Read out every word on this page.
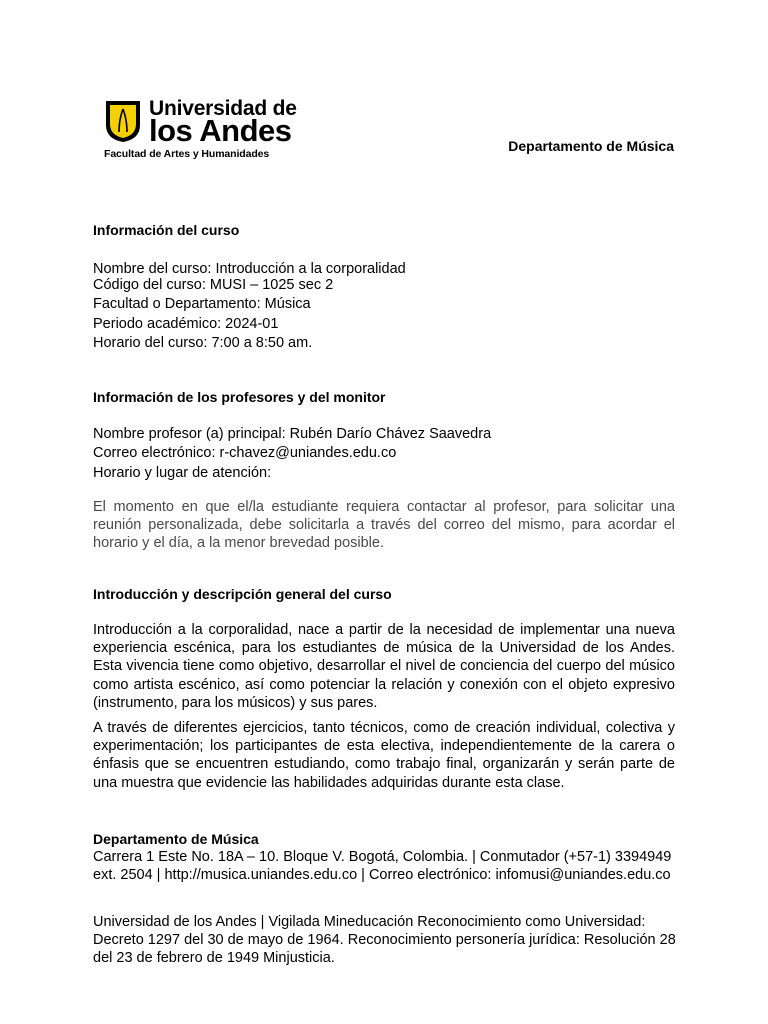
Universidad de
los Andes
Facultad de Artes y Humanidades	Departamento de Música
Información del curso
Nombre del curso: Introducción a la corporalidad
Código del curso: MUSI – 1025 sec 2
Facultad o Departamento: Música
Periodo académico: 2024-01
Horario del curso: 7:00 a 8:50 am.
Información de los profesores y del monitor
Nombre profesor (a) principal: Rubén Darío Chávez Saavedra
Correo electrónico: r-chavez@uniandes.edu.co
Horario y lugar de atención:
El momento en que el/la estudiante requiera contactar al profesor, para solicitar una reunión personalizada, debe solicitarla a través del correo del mismo, para acordar el horario y el día, a la menor brevedad posible.
Introducción y descripción general del curso
Introducción a la corporalidad, nace a partir de la necesidad de implementar una nueva experiencia escénica, para los estudiantes de música de la Universidad de los Andes. Esta vivencia tiene como objetivo, desarrollar el nivel de conciencia del cuerpo del músico como artista escénico, así como potenciar la relación y conexión con el objeto expresivo (instrumento, para los músicos) y sus pares.
A través de diferentes ejercicios, tanto técnicos, como de creación individual, colectiva y experimentación; los participantes de esta electiva, independientemente de la carera o énfasis que se encuentren estudiando, como trabajo final, organizarán y serán parte de una muestra que evidencie las habilidades adquiridas durante esta clase.
Departamento de Música
Carrera 1 Este No. 18A – 10. Bloque V. Bogotá, Colombia. | Conmutador (+57-1) 3394949 ext. 2504 | http://musica.uniandes.edu.co | Correo electrónico: infomusi@uniandes.edu.co
Universidad de los Andes | Vigilada Mineducación Reconocimiento como Universidad: Decreto 1297 del 30 de mayo de 1964. Reconocimiento personería jurídica: Resolución 28 del 23 de febrero de 1949 Minjusticia.
